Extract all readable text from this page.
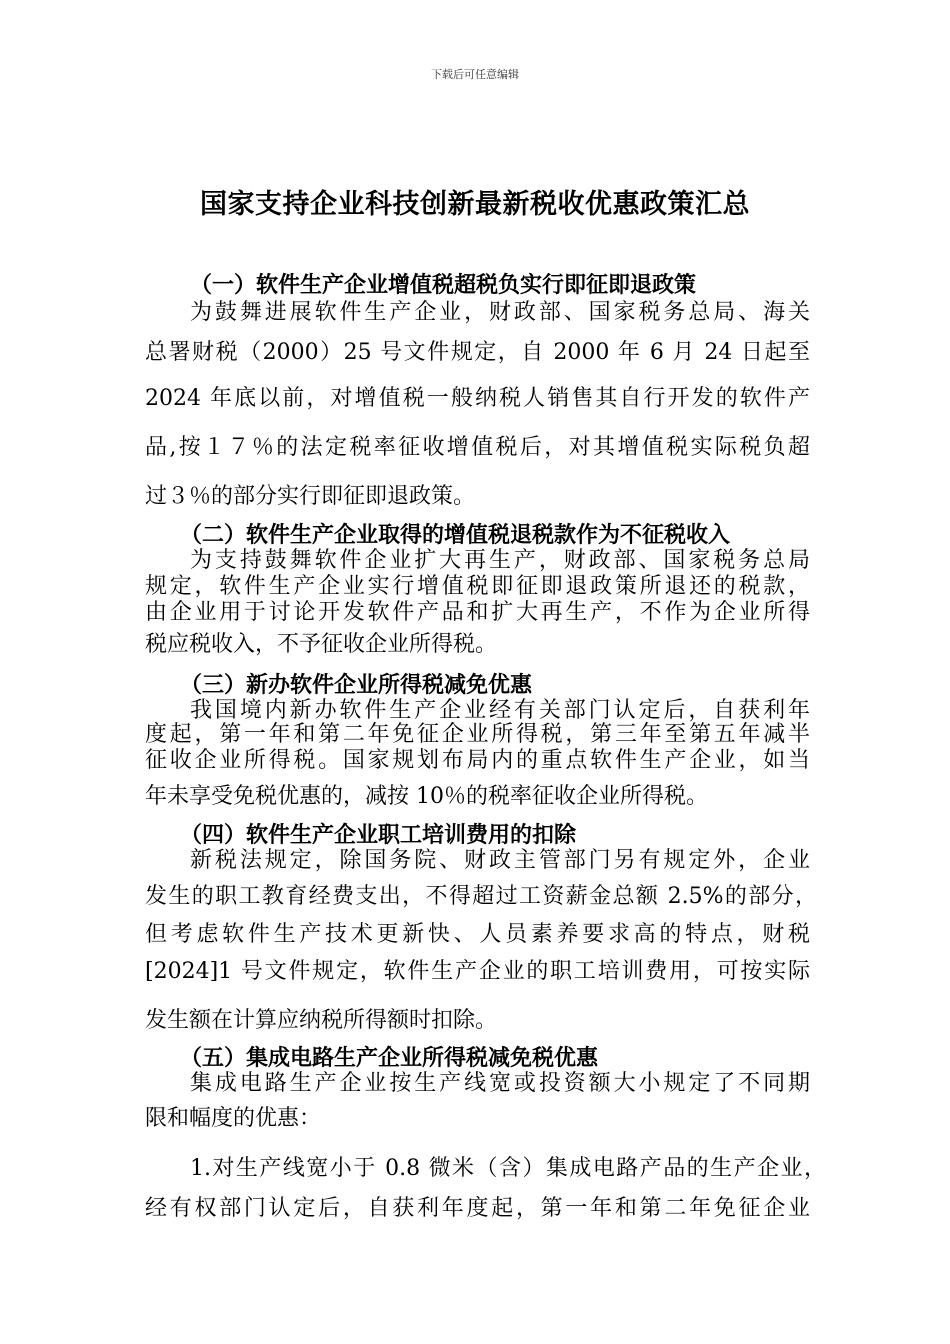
下载后可任意编辑
国家支持企业科技创新最新税收优惠政策汇总
（一）软件生产企业增值税超税负实行即征即退政策
为鼓舞进展软件生产企业，财政部、国家税务总局、海关
总署财税（2000）25 号文件规定，自 2000 年 6 月 24 日起至
2024 年底以前，对增值税一般纳税人销售其自行开发的软件产
品,按１７％的法定税率征收增值税后，对其增值税实际税负超
过３％的部分实行即征即退政策。
（二）软件生产企业取得的增值税退税款作为不征税收入
为支持鼓舞软件企业扩大再生产，财政部、国家税务总局
规定，软件生产企业实行增值税即征即退政策所退还的税款，
由企业用于讨论开发软件产品和扩大再生产，不作为企业所得
税应税收入，不予征收企业所得税。
（三）新办软件企业所得税减免优惠
我国境内新办软件生产企业经有关部门认定后，自获利年
度起，第一年和第二年免征企业所得税，第三年至第五年减半
征收企业所得税。国家规划布局内的重点软件生产企业，如当
年未享受免税优惠的，减按 10％的税率征收企业所得税。
（四）软件生产企业职工培训费用的扣除
新税法规定，除国务院、财政主管部门另有规定外，企业
发生的职工教育经费支出，不得超过工资薪金总额 2.5%的部分，
但考虑软件生产技术更新快、人员素养要求高的特点，财税
[2024]1 号文件规定，软件生产企业的职工培训费用，可按实际
发生额在计算应纳税所得额时扣除。
（五）集成电路生产企业所得税减免税优惠
集成电路生产企业按生产线宽或投资额大小规定了不同期
限和幅度的优惠：
1.对生产线宽小于 0.8 微米（含）集成电路产品的生产企业，
经有权部门认定后，自获利年度起，第一年和第二年免征企业
